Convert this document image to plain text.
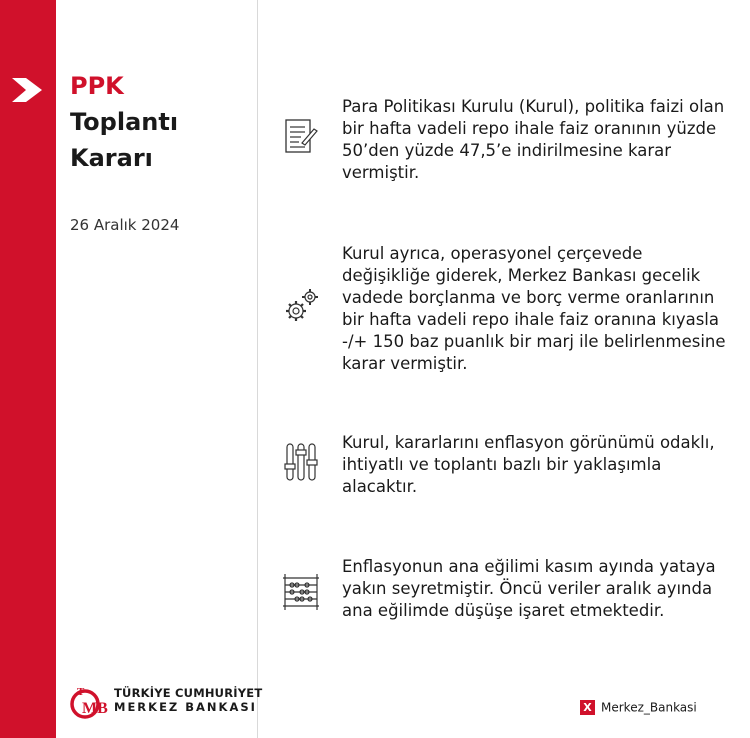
PPK
Toplantı
Kararı
26 Aralık 2024
Para Politikası Kurulu (Kurul), politika faizi olan
bir hafta vadeli repo ihale faiz oranının yüzde
50’den yüzde 47,5’e indirilmesine karar
vermiştir.
Kurul ayrıca, operasyonel çerçevede
değişikliğe giderek, Merkez Bankası gecelik
vadede borçlanma ve borç verme oranlarının
bir hafta vadeli repo ihale faiz oranına kıyasla
-/+ 150 baz puanlık bir marj ile belirlenmesine
karar vermiştir.
Kurul, kararlarını enflasyon görünümü odaklı,
ihtiyatlı ve toplantı bazlı bir yaklaşımla
alacaktır.
Enflasyonun ana eğilimi kasım ayında yataya
yakın seyretmiştir. Öncü veriler aralık ayında
ana eğilimde düşüşe işaret etmektedir.
T
MB
TÜRKİYE CUMHURİYET
MERKEZ BANKASI	X Merkez_Bankasi
